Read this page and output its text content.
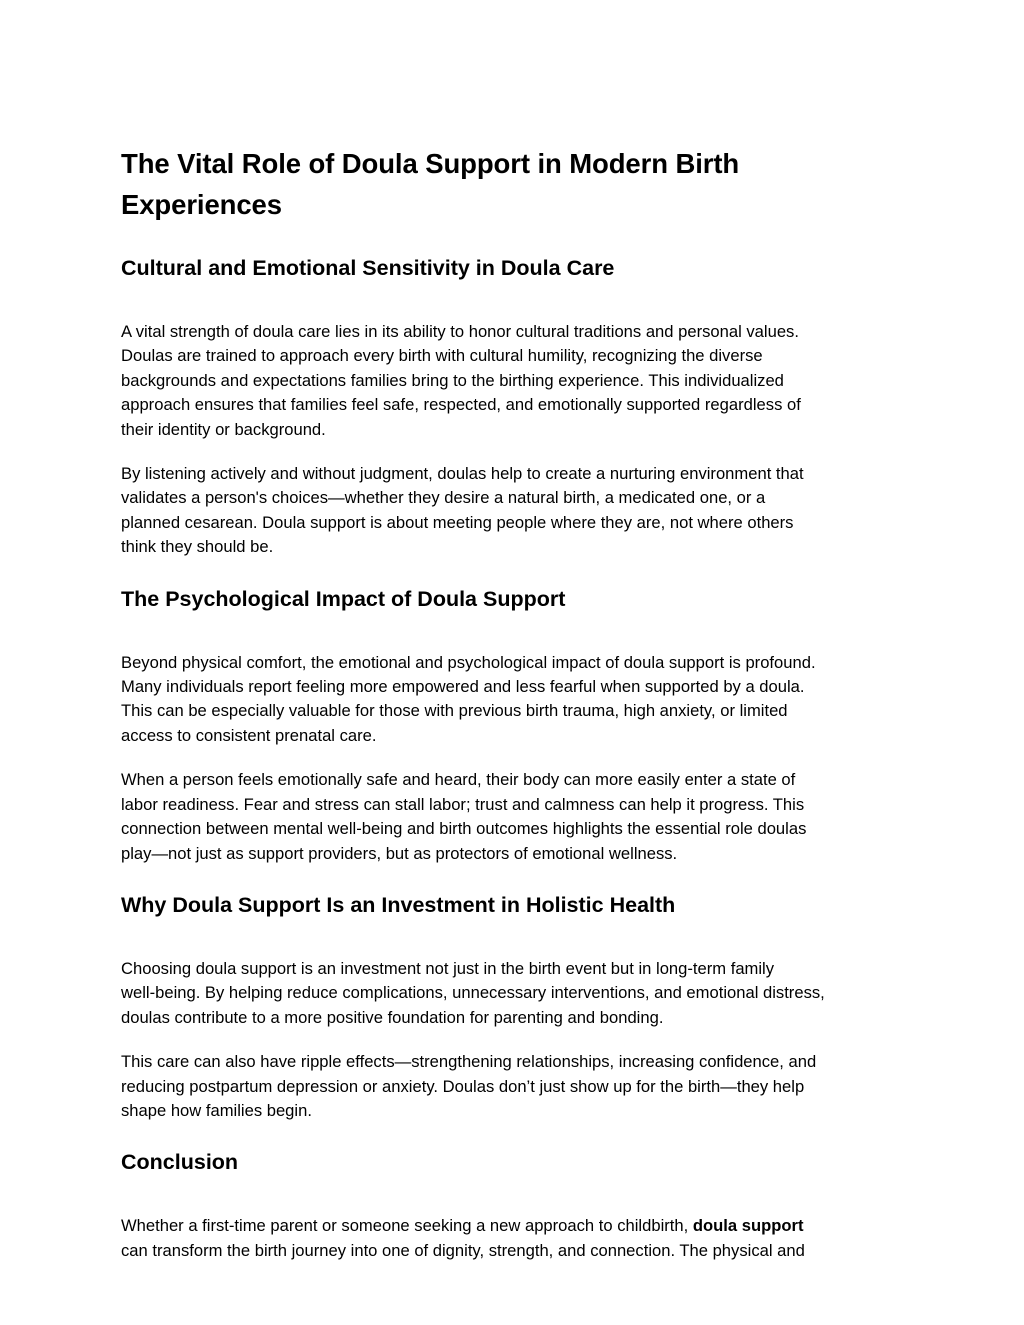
The Vital Role of Doula Support in Modern Birth
Experiences
Cultural and Emotional Sensitivity in Doula Care

A vital strength of doula care lies in its ability to honor cultural traditions and personal values.
Doulas are trained to approach every birth with cultural humility, recognizing the diverse
backgrounds and expectations families bring to the birthing experience. This individualized
approach ensures that families feel safe, respected, and emotionally supported regardless of
their identity or background.

By listening actively and without judgment, doulas help to create a nurturing environment that
validates a person's choices—whether they desire a natural birth, a medicated one, or a
planned cesarean. Doula support is about meeting people where they are, not where others
think they should be.

The Psychological Impact of Doula Support

Beyond physical comfort, the emotional and psychological impact of doula support is profound.
Many individuals report feeling more empowered and less fearful when supported by a doula.
This can be especially valuable for those with previous birth trauma, high anxiety, or limited
access to consistent prenatal care.

When a person feels emotionally safe and heard, their body can more easily enter a state of
labor readiness. Fear and stress can stall labor; trust and calmness can help it progress. This
connection between mental well-being and birth outcomes highlights the essential role doulas
play—not just as support providers, but as protectors of emotional wellness.

Why Doula Support Is an Investment in Holistic Health

Choosing doula support is an investment not just in the birth event but in long-term family
well-being. By helping reduce complications, unnecessary interventions, and emotional distress,
doulas contribute to a more positive foundation for parenting and bonding.

This care can also have ripple effects—strengthening relationships, increasing confidence, and
reducing postpartum depression or anxiety. Doulas don’t just show up for the birth—they help
shape how families begin.

Conclusion

Whether a first-time parent or someone seeking a new approach to childbirth, doula support
can transform the birth journey into one of dignity, strength, and connection. The physical and
